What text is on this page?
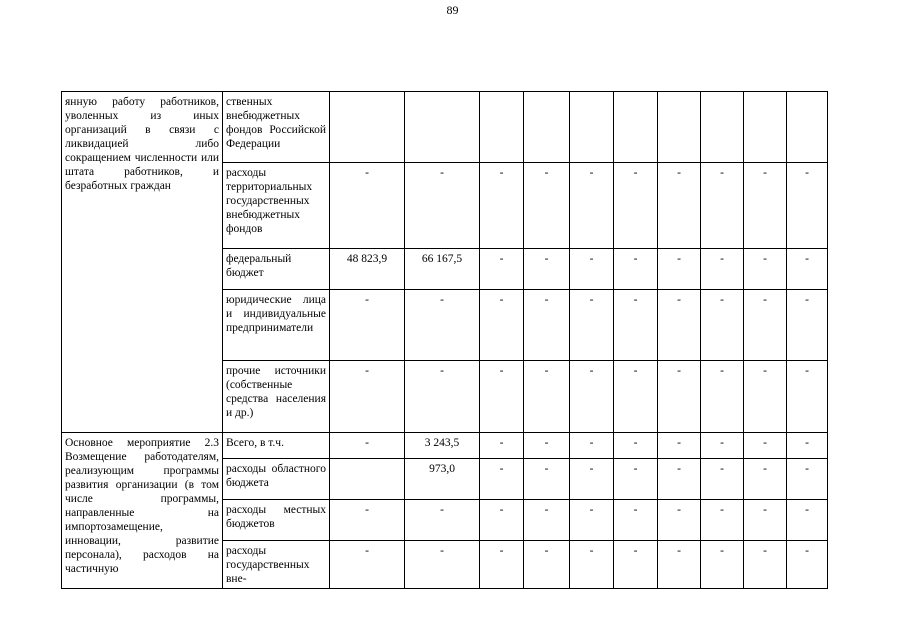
89
янную работу работников, уволенных из иных организаций в связи с ликвидацией либо сокращением численности или штата работников, и безработных граждан	ственных внебюджетных фондов Российской Федерации										
	расходы территориальных государственных внебюджетных фондов	-	-	-	-	-	-	-	-	-	-
	федеральный бюджет	48 823,9	66 167,5	-	-	-	-	-	-	-	-
	юридические лица и индивидуальные предприниматели	-	-	-	-	-	-	-	-	-	-
	прочие источники (собственные средства населения и др.)	-	-	-	-	-	-	-	-	-	-
Основное мероприятие 2.3 Возмещение работодателям, реализующим программы развития организации (в том числе программы, направленные на импортозамещение, инновации, развитие персонала), расходов на частичную	Всего, в т.ч.	-	3 243,5	-	-	-	-	-	-	-	-
	расходы областного бюджета		973,0	-	-	-	-	-	-	-	-
	расходы местных бюджетов	-	-	-	-	-	-	-	-	-	-
	расходы государственных вне-	-	-	-	-	-	-	-	-	-	-
